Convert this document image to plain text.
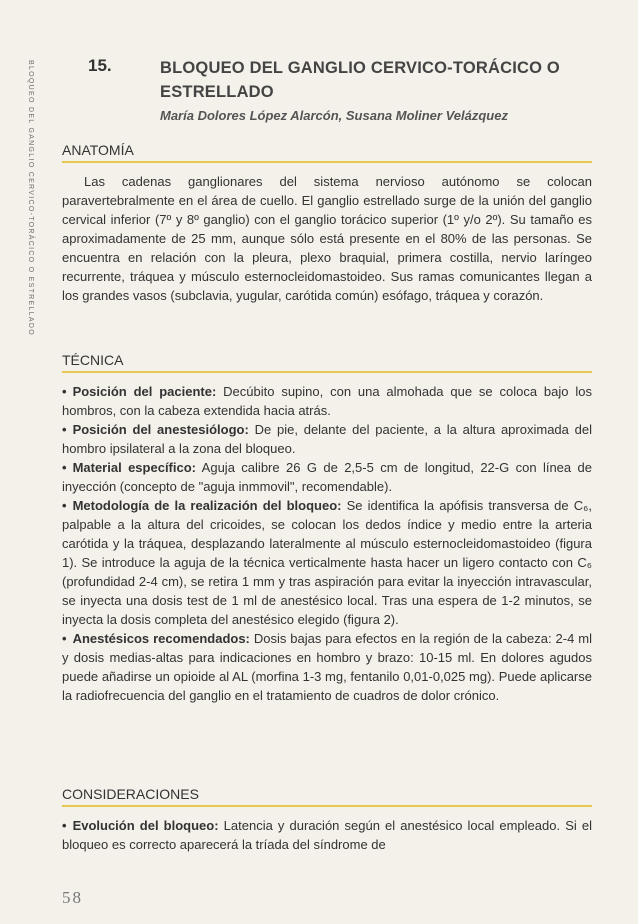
BLOQUEO DEL GANGLIO CERVICO-TORÁCICO O ESTRELLADO	15.	BLOQUEO DEL GANGLIO CERVICO-TORÁCICO O ESTRELLADO
María Dolores López Alarcón, Susana Moliner Velázquez
ANATOMÍA

Las cadenas ganglionares del sistema nervioso autónomo se colocan paravertebralmente en el área de cuello. El ganglio estrellado surge de la unión del ganglio cervical inferior (7º y 8º ganglio) con el ganglio torácico superior (1º y/o 2º). Su tamaño es aproximadamente de 25 mm, aunque sólo está presente en el 80% de las personas. Se encuentra en relación con la pleura, plexo braquial, primera costilla, nervio laríngeo recurrente, tráquea y músculo esternocleidomastoideo. Sus ramas comunicantes llegan a los grandes vasos (subclavia, yugular, carótida común) esófago, tráquea y corazón.

TÉCNICA

• Posición del paciente: Decúbito supino, con una almohada que se coloca bajo los hombros, con la cabeza extendida hacia atrás.

• Posición del anestesiólogo: De pie, delante del paciente, a la altura aproximada del hombro ipsilateral a la zona del bloqueo.

• Material específico: Aguja calibre 26 G de 2,5-5 cm de longitud, 22-G con línea de inyección (concepto de "aguja inmmovil", recomendable).

• Metodología de la realización del bloqueo: Se identifica la apófisis transversa de C₆, palpable a la altura del cricoides, se colocan los dedos índice y medio entre la arteria carótida y la tráquea, desplazando lateralmente al músculo esternocleidomastoideo (figura 1). Se introduce la aguja de la técnica verticalmente hasta hacer un ligero contacto con C₆ (profundidad 2-4 cm), se retira 1 mm y tras aspiración para evitar la inyección intravascular, se inyecta una dosis test de 1 ml de anestésico local. Tras una espera de 1-2 minutos, se inyecta la dosis completa del anestésico elegido (figura 2).

• Anestésicos recomendados: Dosis bajas para efectos en la región de la cabeza: 2-4 ml y dosis medias-altas para indicaciones en hombro y brazo: 10-15 ml. En dolores agudos puede añadirse un opioide al AL (morfina 1-3 mg, fentanilo 0,01-0,025 mg). Puede aplicarse la radiofrecuencia del ganglio en el tratamiento de cuadros de dolor crónico.

CONSIDERACIONES

• Evolución del bloqueo: Latencia y duración según el anestésico local empleado. Si el bloqueo es correcto aparecerá la tríada del síndrome de

58
